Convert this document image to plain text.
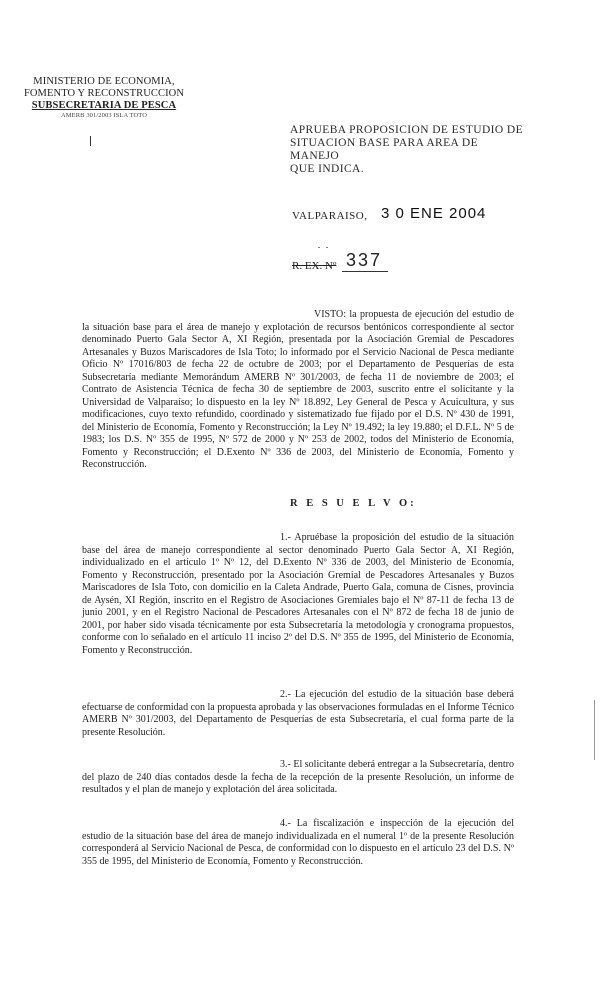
MINISTERIO DE ECONOMIA,
FOMENTO Y RECONSTRUCCION
SUBSECRETARIA DE PESCA
AMERB 301/2003 ISLA TOTO
APRUEBA PROPOSICION DE ESTUDIO DE
SITUACION BASE PARA AREA DE MANEJO
QUE INDICA.
VALPARAISO, 3 0 ENE 2004
R. EX. Nº 337

VISTO: la propuesta de ejecución del estudio de la situación base para el área de manejo y explotación de recursos bentónicos correspondiente al sector denominado Puerto Gala Sector A, XI Región, presentada por la Asociación Gremial de Pescadores Artesanales y Buzos Mariscadores de Isla Toto; lo informado por el Servicio Nacional de Pesca mediante Oficio Nº 17016/803 de fecha 22 de octubre de 2003; por el Departamento de Pesquerías de esta Subsecretaría mediante Memorándum AMERB Nº 301/2003, de fecha 11 de noviembre de 2003; el Contrato de Asistencia Técnica de fecha 30 de septiembre de 2003, suscrito entre el solicitante y la Universidad de Valparaíso; lo dispuesto en la ley Nº 18.892, Ley General de Pesca y Acuicultura, y sus modificaciones, cuyo texto refundido, coordinado y sistematizado fue fijado por el D.S. Nº 430 de 1991, del Ministerio de Economía, Fomento y Reconstrucción; la Ley Nº 19.492; la ley 19.880; el D.F.L. Nº 5 de 1983; los D.S. Nº 355 de 1995, Nº 572 de 2000 y Nº 253 de 2002, todos del Ministerio de Economía, Fomento y Reconstrucción; el D.Exento Nº 336 de 2003, del Ministerio de Economía, Fomento y Reconstrucción.

R E S U E L V O:

1.- Apruébase la proposición del estudio de la situación base del área de manejo correspondiente al sector denominado Puerto Gala Sector A, XI Región, individualizado en el artículo 1º Nº 12, del D.Exento Nº 336 de 2003, del Ministerio de Economía, Fomento y Reconstrucción, presentado por la Asociación Gremial de Pescadores Artesanales y Buzos Mariscadores de Isla Toto, con domicilio en la Caleta Andrade, Puerto Gala, comuna de Cisnes, provincia de Aysén, XI Región, inscrito en el Registro de Asociaciones Gremiales bajo el Nº 87-11 de fecha 13 de junio 2001, y en el Registro Nacional de Pescadores Artesanales con el Nº 872 de fecha 18 de junio de 2001, por haber sido visada técnicamente por esta Subsecretaría la metodología y cronograma propuestos, conforme con lo señalado en el artículo 11 inciso 2º del D.S. Nº 355 de 1995, del Ministerio de Economía, Fomento y Reconstrucción.

2.- La ejecución del estudio de la situación base deberá efectuarse de conformidad con la propuesta aprobada y las observaciones formuladas en el Informe Técnico AMERB Nº 301/2003, del Departamento de Pesquerías de esta Subsecretaría, el cual forma parte de la presente Resolución.

3.- El solicitante deberá entregar a la Subsecretaría, dentro del plazo de 240 días contados desde la fecha de la recepción de la presente Resolución, un informe de resultados y el plan de manejo y explotación del área solicitada.

4.- La fiscalización e inspección de la ejecución del estudio de la situación base del área de manejo individualizada en el numeral 1º de la presente Resolución corresponderá al Servicio Nacional de Pesca, de conformidad con lo dispuesto en el artículo 23 del D.S. Nº 355 de 1995, del Ministerio de Economía, Fomento y Reconstrucción.
